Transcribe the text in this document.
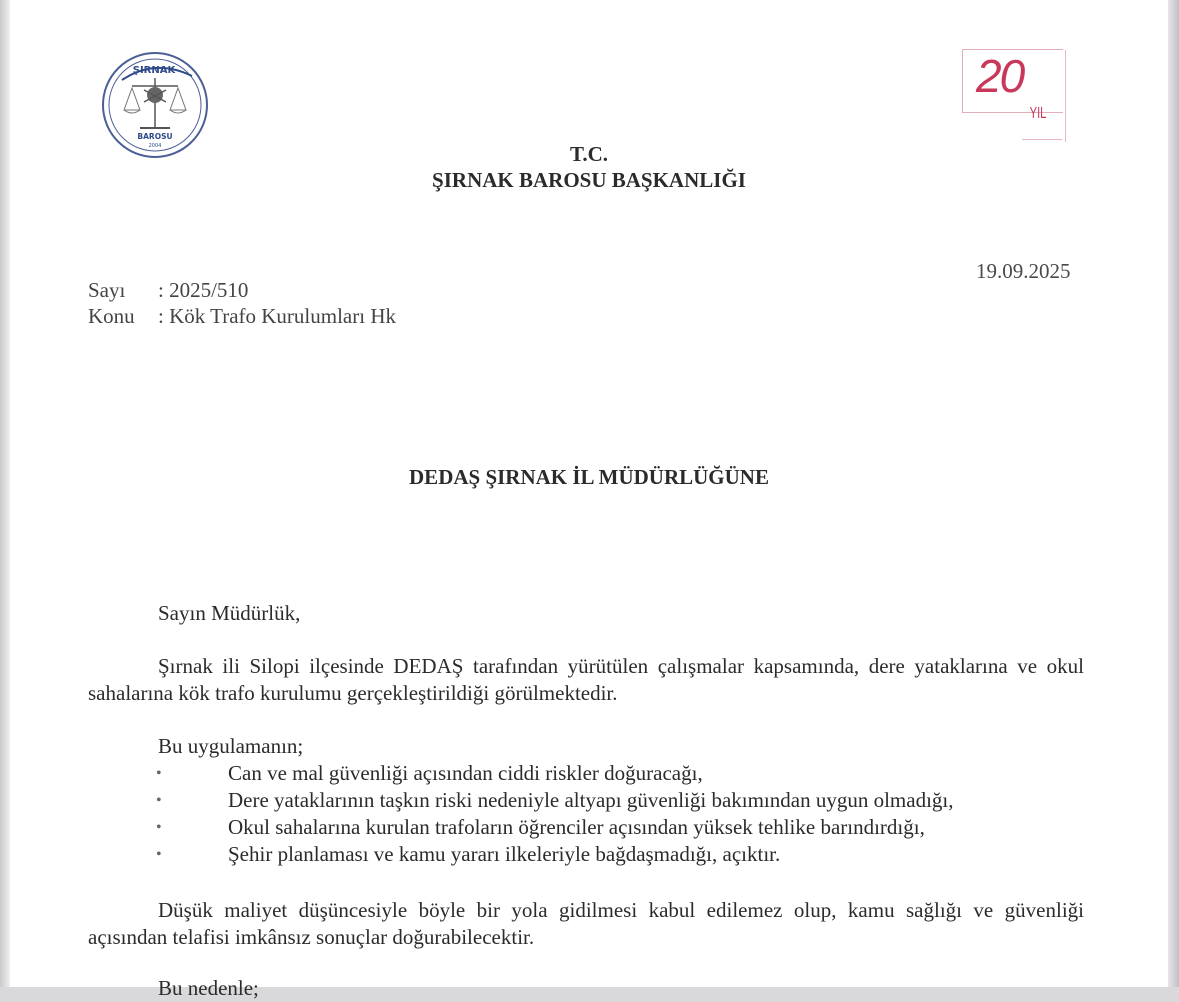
ŞIRNAK
BAROSU
2004
20
YIL
T.C.
ŞIRNAK BAROSU BAŞKANLIĞI
19.09.2025
Sayı : 2025/510
Konu : Kök Trafo Kurulumları Hk
DEDAŞ ŞIRNAK İL MÜDÜRLÜĞÜNE
Sayın Müdürlük,
Şırnak ili Silopi ilçesinde DEDAŞ tarafından yürütülen çalışmalar kapsamında, dere yataklarına ve okul sahalarına kök trafo kurulumu gerçekleştirildiği görülmektedir.
Bu uygulamanın;
•	Can ve mal güvenliği açısından ciddi riskler doğuracağı,
•	Dere yataklarının taşkın riski nedeniyle altyapı güvenliği bakımından uygun olmadığı,
•	Okul sahalarına kurulan trafoların öğrenciler açısından yüksek tehlike barındırdığı,
•	Şehir planlaması ve kamu yararı ilkeleriyle bağdaşmadığı, açıktır.
Düşük maliyet düşüncesiyle böyle bir yola gidilmesi kabul edilemez olup, kamu sağlığı ve güvenliği açısından telafisi imkânsız sonuçlar doğurabilecektir.
Bu nedenle;
